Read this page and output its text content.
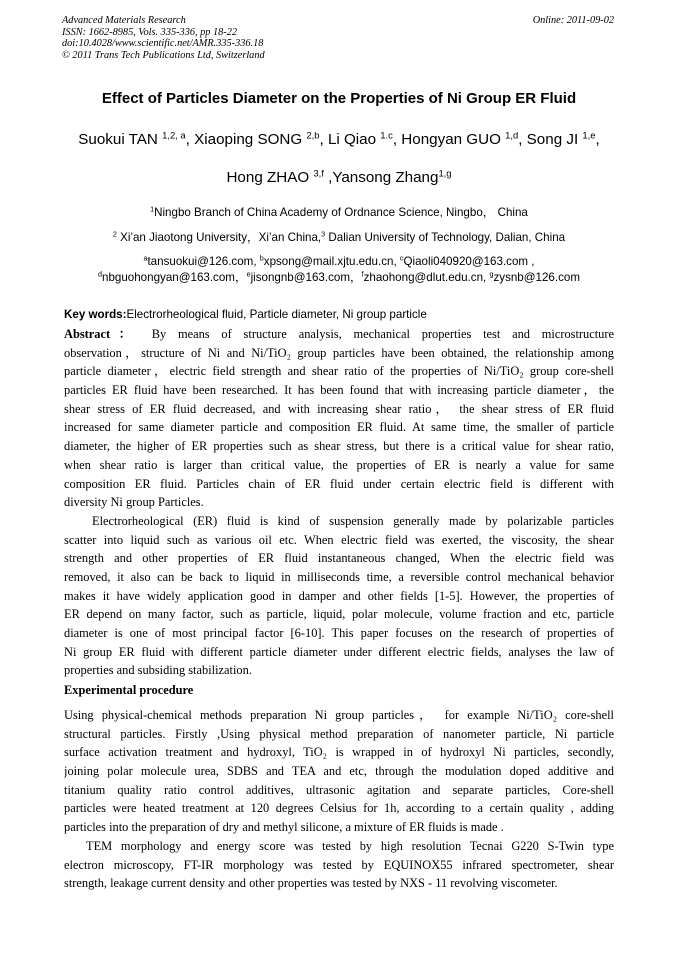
Advanced Materials Research
ISSN: 1662-8985, Vols. 335-336, pp 18-22
doi:10.4028/www.scientific.net/AMR.335-336.18
© 2011 Trans Tech Publications Ltd, Switzerland
Online: 2011-09-02
Effect of Particles Diameter on the Properties of Ni Group ER Fluid
Suokui TAN $^{1,2, a}$, Xiaoping SONG $^{2,b}$, Li Qiao $^{1.c}$, Hongyan GUO $^{1,d}$, Song JI $^{1,e}$,
Hong ZHAO $^{3,f}$ ,Yansong Zhang$^{1,g}$
$^1$Ningbo Branch of China Academy of Ordnance Science, Ningbo， China
$^2$ Xi’an Jiaotong University，Xi’an China,$^3$ Dalian University of Technology, Dalian, China
$^a$tansuokui@126.com, $^b$xpsong@mail.xjtu.edu.cn, $^c$Qiaoli040920@163.com ,
$^d$nbguohongyan@163.com，$^e$jisongnb@163.com，$^f$zhaohong@dlut.edu.cn, $^g$zysnb@126.com
Key words:Electrorheological fluid, Particle diameter, Ni group particle
Abstract： By means of structure analysis, mechanical properties test and microstructure
observation，structure of Ni and Ni/TiO₂ group particles have been obtained, the relationship among
particle diameter，electric field strength and shear ratio of the properties of Ni/TiO₂ group core-shell
particles ER fluid have been researched. It has been found that with increasing particle diameter，the
shear stress of ER fluid decreased, and with increasing shear ratio， the shear stress of ER fluid
increased for same diameter particle and composition ER fluid. At same time, the smaller of particle
diameter, the higher of ER properties such as shear stress, but there is a critical value for shear ratio,
when shear ratio is larger than critical value, the properties of ER is nearly a value for same
composition ER fluid. Particles chain of ER fluid under certain electric field is different with
diversity Ni group Particles.
Electrorheological (ER) fluid is kind of suspension generally made by polarizable particles
scatter into liquid such as various oil etc. When electric field was exerted, the viscosity, the shear
strength and other properties of ER fluid instantaneous changed, When the electric field was
removed, it also can be back to liquid in milliseconds time, a reversible control mechanical behavior
makes it have widely application good in damper and other fields [1-5]. However, the properties of
ER depend on many factor, such as particle, liquid, polar molecule, volume fraction and etc, particle
diameter is one of most principal factor [6-10]. This paper focuses on the research of properties of
Ni group ER fluid with different particle diameter under different electric fields, analyses the law of
properties and subsiding stabilization.
Experimental procedure
Using physical-chemical methods preparation Ni group particles， for example Ni/TiO₂ core-shell
structural particles. Firstly ,Using physical method preparation of nanometer particle, Ni particle
surface activation treatment and hydroxyl, TiO₂ is wrapped in of hydroxyl Ni particles, secondly,
joining polar molecule urea, SDBS and TEA and etc, through the modulation doped additive and
titanium quality ratio control additives, ultrasonic agitation and separate particles, Core-shell
particles were heated treatment at 120 degrees Celsius for 1h, according to a certain quality , adding
particles into the preparation of dry and methyl silicone, a mixture of ER fluids is made .
TEM morphology and energy score was tested by high resolution Tecnai G220 S-Twin type
electron microscopy, FT-IR morphology was tested by EQUINOX55 infrared spectrometer, shear
strength, leakage current density and other properties was tested by NXS - 11 revolving viscometer.
